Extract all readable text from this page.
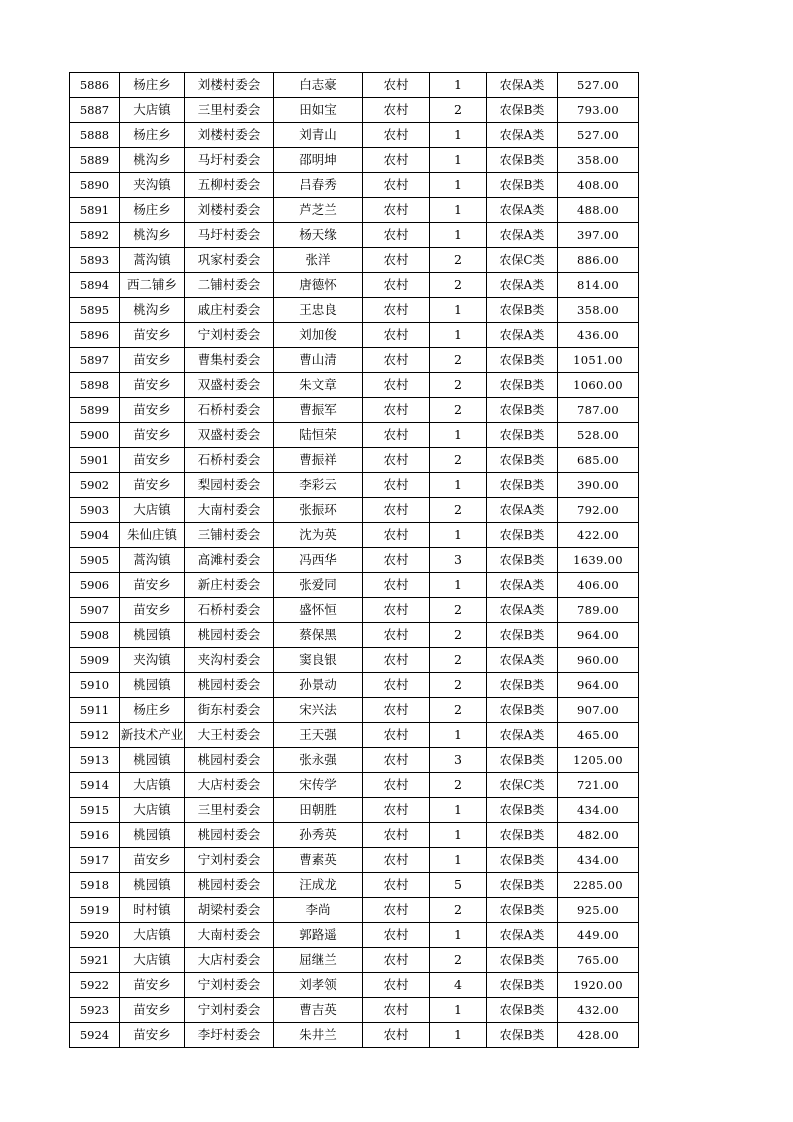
5886	杨庄乡	刘楼村委会	白志豪	农村	1	农保A类	527.00
5887	大店镇	三里村委会	田如宝	农村	2	农保B类	793.00
5888	杨庄乡	刘楼村委会	刘青山	农村	1	农保A类	527.00
5889	桃沟乡	马圩村委会	邵明坤	农村	1	农保B类	358.00
5890	夹沟镇	五柳村委会	吕春秀	农村	1	农保B类	408.00
5891	杨庄乡	刘楼村委会	芦芝兰	农村	1	农保A类	488.00
5892	桃沟乡	马圩村委会	杨天缘	农村	1	农保A类	397.00
5893	蒿沟镇	巩家村委会	张洋	农村	2	农保C类	886.00
5894	西二铺乡	二铺村委会	唐德怀	农村	2	农保A类	814.00
5895	桃沟乡	戚庄村委会	王忠良	农村	1	农保B类	358.00
5896	苗安乡	宁刘村委会	刘加俊	农村	1	农保A类	436.00
5897	苗安乡	曹集村委会	曹山清	农村	2	农保B类	1051.00
5898	苗安乡	双盛村委会	朱文章	农村	2	农保B类	1060.00
5899	苗安乡	石桥村委会	曹振军	农村	2	农保B类	787.00
5900	苗安乡	双盛村委会	陆恒荣	农村	1	农保B类	528.00
5901	苗安乡	石桥村委会	曹振祥	农村	2	农保B类	685.00
5902	苗安乡	梨园村委会	李彩云	农村	1	农保B类	390.00
5903	大店镇	大南村委会	张振环	农村	2	农保A类	792.00
5904	朱仙庄镇	三铺村委会	沈为英	农村	1	农保B类	422.00
5905	蒿沟镇	高滩村委会	冯西华	农村	3	农保B类	1639.00
5906	苗安乡	新庄村委会	张爱同	农村	1	农保A类	406.00
5907	苗安乡	石桥村委会	盛怀恒	农村	2	农保A类	789.00
5908	桃园镇	桃园村委会	蔡保黑	农村	2	农保B类	964.00
5909	夹沟镇	夹沟村委会	窦良银	农村	2	农保A类	960.00
5910	桃园镇	桃园村委会	孙景动	农村	2	农保B类	964.00
5911	杨庄乡	街东村委会	宋兴法	农村	2	农保B类	907.00
5912	新技术产业	大王村委会	王天强	农村	1	农保A类	465.00
5913	桃园镇	桃园村委会	张永强	农村	3	农保B类	1205.00
5914	大店镇	大店村委会	宋传学	农村	2	农保C类	721.00
5915	大店镇	三里村委会	田朝胜	农村	1	农保B类	434.00
5916	桃园镇	桃园村委会	孙秀英	农村	1	农保B类	482.00
5917	苗安乡	宁刘村委会	曹素英	农村	1	农保B类	434.00
5918	桃园镇	桃园村委会	汪成龙	农村	5	农保B类	2285.00
5919	时村镇	胡梁村委会	李尚	农村	2	农保B类	925.00
5920	大店镇	大南村委会	郭路遥	农村	1	农保A类	449.00
5921	大店镇	大店村委会	屈继兰	农村	2	农保B类	765.00
5922	苗安乡	宁刘村委会	刘孝领	农村	4	农保B类	1920.00
5923	苗安乡	宁刘村委会	曹吉英	农村	1	农保B类	432.00
5924	苗安乡	李圩村委会	朱井兰	农村	1	农保B类	428.00
